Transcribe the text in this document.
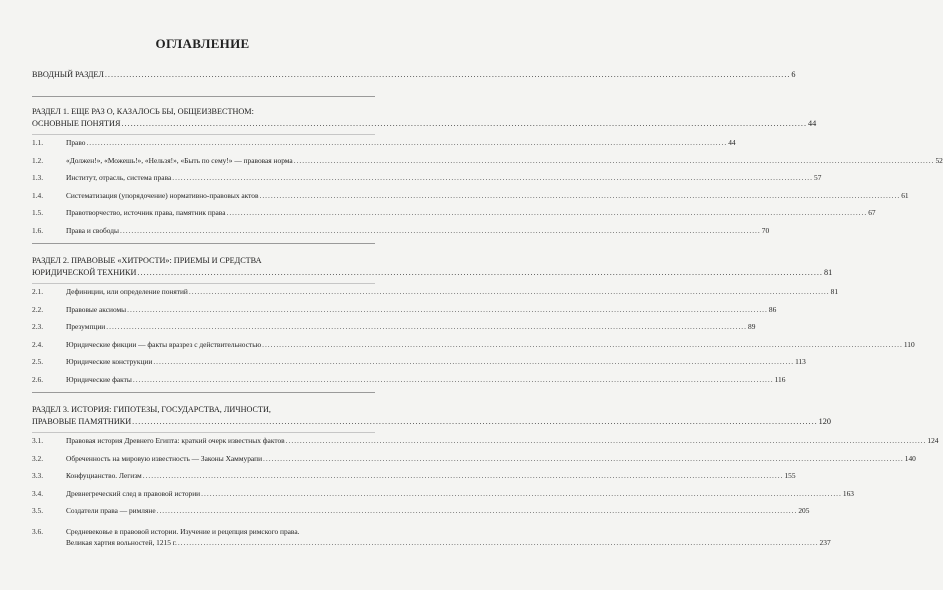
ОГЛАВЛЕНИЕ
ВВОДНЫЙ РАЗДЕЛ .....	6
РАЗДЕЛ 1. ЕЩЕ РАЗ О, КАЗАЛОСЬ БЫ, ОБЩЕИЗВЕСТНОМ:
ОСНОВНЫЕ ПОНЯТИЯ .....	44
1.1.	Право .....	44
1.2.	«Должен!», «Можешь!», «Нельзя!», «Быть по сему!» — правовая норма .....	52
1.3.	Институт, отрасль, система права .....	57
1.4.	Систематизация (упорядочение) нормативно-правовых актов .....	61
1.5.	Правотворчество, источник права, памятник права .....	67
1.6.	Права и свободы .....	70
РАЗДЕЛ 2. ПРАВОВЫЕ «ХИТРОСТИ»: ПРИЕМЫ И СРЕДСТВА
ЮРИДИЧЕСКОЙ ТЕХНИКИ .....	81
2.1.	Дефиниции, или определение понятий .....	81
2.2.	Правовые аксиомы .....	86
2.3.	Презумпции .....	89
2.4.	Юридические фикции — факты вразрез с действительностью .....	110
2.5.	Юридические конструкции .....	113
2.6.	Юридические факты .....	116
РАЗДЕЛ 3. ИСТОРИЯ: ГИПОТЕЗЫ, ГОСУДАРСТВА, ЛИЧНОСТИ,
ПРАВОВЫЕ ПАМЯТНИКИ .....	120
3.1.	Правовая история Древнего Египта: краткий очерк известных фактов .....	124
3.2.	Обреченность на мировую известность — Законы Хаммурапи .....	140
3.3.	Конфуцианство. Легизм .....	155
3.4.	Древнегреческий след в правовой истории .....	163
3.5.	Создатели права — римляне .....	205
3.6.	Средневековье в правовой истории. Изучение и рецепция римского права.
Великая хартия вольностей, 1215 г. .....	237
